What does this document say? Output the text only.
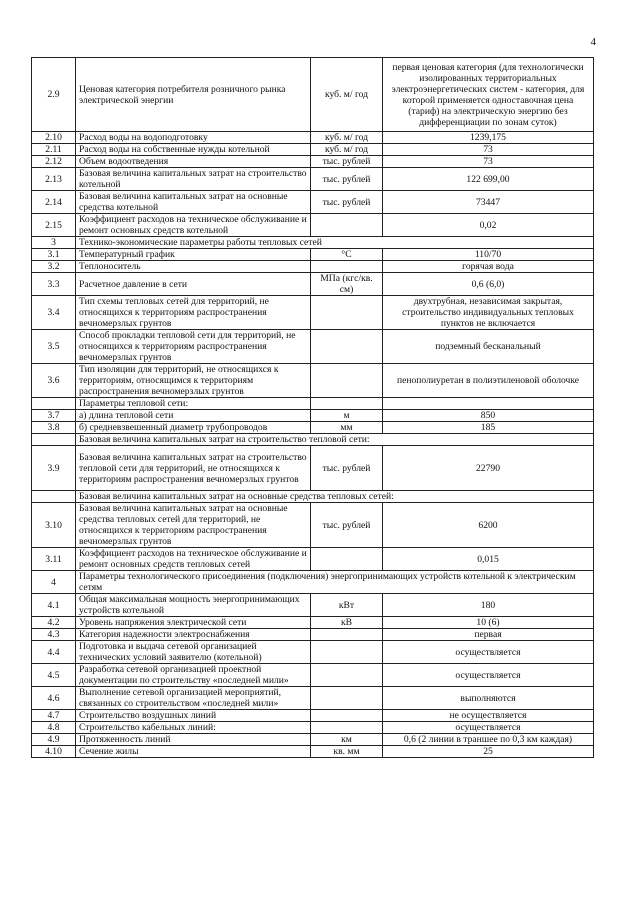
4
2.9	Ценовая категория потребителя розничного рынка электрической энергии	куб. м/ год	первая ценовая категория (для технологически изолированных территориальных электроэнергетических систем - категория, для которой применяется одноставочная цена (тариф) на электрическую энергию без дифференциации по зонам суток)
2.10	Расход воды на водоподготовку	куб. м/ год	1239,175
2.11	Расход воды на собственные нужды котельной	куб. м/ год	73
2.12	Объем водоотведения	тыс. рублей	73
2.13	Базовая величина капитальных затрат на строительство котельной	тыс. рублей	122 699,00
2.14	Базовая величина капитальных затрат на основные средства котельной	тыс. рублей	73447
2.15	Коэффициент расходов на техническое обслуживание и ремонт основных средств котельной		0,02
3	Технико-экономические параметры работы тепловых сетей		
3.1	Температурный график	°С	110/70
3.2	Теплоноситель		горячая вода
3.3	Расчетное давление в сети	МПа (кгс/кв. см)	0,6 (6,0)
3.4	Тип схемы тепловых сетей для территорий, не относящихся к территориям распространения вечномерзлых грунтов		двухтрубная, независимая закрытая, строительство индивидуальных тепловых пунктов не включается
3.5	Способ прокладки тепловой сети для территорий, не относящихся к территориям распространения вечномерзлых грунтов		подземный бесканальный
3.6	Тип изоляции для территорий, не относящихся к территориям, относящимся к территориям распространения вечномерзлых грунтов		пенополиуретан в полиэтиленовой оболочке
	Параметры тепловой сети:		
3.7	а) длина тепловой сети	м	850
3.8	б) средневзвешенный диаметр трубопроводов	мм	185
	Базовая величина капитальных затрат на строительство тепловой сети:		
3.9	Базовая величина капитальных затрат на строительство тепловой сети для территорий, не относящихся к территориям распространения вечномерзлых грунтов	тыс. рублей	22790
	Базовая величина капитальных затрат на основные средства тепловых сетей:		
3.10	Базовая величина капитальных затрат на основные средства тепловых сетей для территорий, не относящихся к территориям распространения вечномерзлых грунтов	тыс. рублей	6200
3.11	Коэффициент расходов на техническое обслуживание и ремонт основных средств тепловых сетей		0,015
4	Параметры технологического присоединения (подключения) энергопринимающих устройств котельной к электрическим сетям		
4.1	Общая максимальная мощность энергопринимающих устройств котельной	кВт	180
4.2	Уровень напряжения электрической сети	кВ	10 (6)
4.3	Категория надежности электроснабжения		первая
4.4	Подготовка и выдача сетевой организацией технических условий заявителю (котельной)		осуществляется
4.5	Разработка сетевой организацией проектной документации по строительству «последней мили»		осуществляется
4.6	Выполнение сетевой организацией мероприятий, связанных со строительством «последней мили»		выполняются
4.7	Строительство воздушных линий		не осуществляется
4.8	Строительство кабельных линий:		осуществляется
4.9	Протяженность линий	км	0,6 (2 линии в траншее по 0,3 км каждая)
4.10	Сечение жилы	кв. мм	25
